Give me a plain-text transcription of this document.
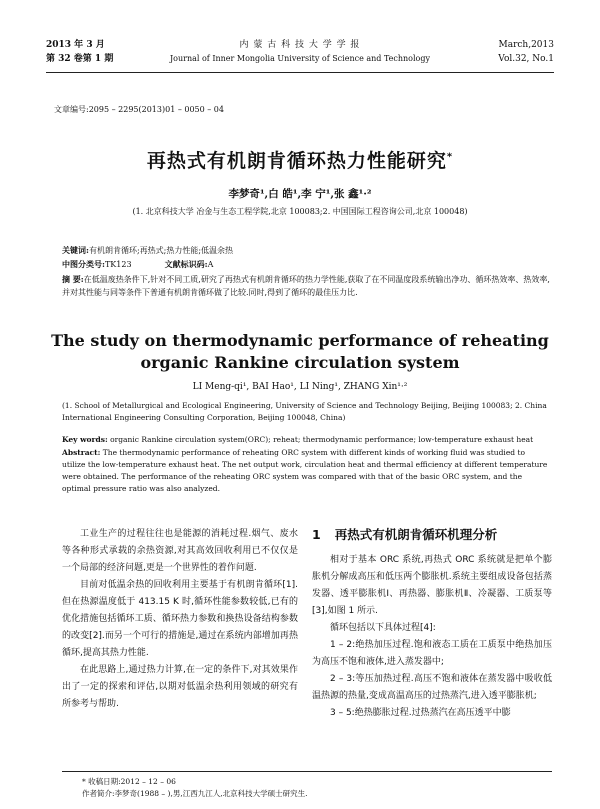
2013 年 3 月
第 32 卷第 1 期
内 蒙 古 科 技 大 学 学 报
Journal of Inner Mongolia University of Science and Technology
March,2013
Vol.32, No.1
文章编号:2095 – 2295(2013)01 – 0050 – 04
再热式有机朗肯循环热力性能研究*
李梦奇¹,白 皓¹,李 宁¹,张 鑫¹·²
(1. 北京科技大学 冶金与生态工程学院,北京 100083;2. 中国国际工程咨询公司,北京 100048)
关键词:有机朗肯循环;再热式;热力性能;低温余热
中图分类号:TK123	文献标识码:A
摘 要:在低温废热条件下,针对不同工质,研究了再热式有机朗肯循环的热力学性能,获取了在不同温度段系统输出净功、循环热效率、热效率,并对其性能与同等条件下普通有机朗肯循环做了比较.同时,得到了循环的最佳压力比.
The study on thermodynamic performance of reheating
organic Rankine circulation system
LI Meng-qi¹, BAI Hao¹, LI Ning¹, ZHANG Xin¹·²
(1. School of Metallurgical and Ecological Engineering, University of Science and Technology Beijing, Beijing 100083; 2. China International Engineering Consulting Corporation, Beijing 100048, China)
Key words: organic Rankine circulation system(ORC); reheat; thermodynamic performance; low-temperature exhaust heat
Abstract: The thermodynamic performance of reheating ORC system with different kinds of working fluid was studied to utilize the low-temperature exhaust heat. The net output work, circulation heat and thermal efficiency at different temperature were obtained. The performance of the reheating ORC system was compared with that of the basic ORC system, and the optimal pressure ratio was also analyzed.

工业生产的过程往往也是能源的消耗过程.烟气、废水等各种形式承载的余热资源,对其高效回收利用已不仅仅是一个局部的经济问题,更是一个世界性的着作问题.

目前对低温余热的回收利用主要基于有机朗肯循环[1].但在热源温度低于 413.15 K 时,循环性能参数较低,已有的优化措施包括循环工质、循环热力参数和换热设备结构参数的改变[2].而另一个可行的措施是,通过在系统内部增加再热循环,提高其热力性能.

在此思路上,通过热力计算,在一定的条件下,对其效果作出了一定的探索和评估,以期对低温余热利用领域的研究有所参考与帮助.

1 再热式有机朗肯循环机理分析

相对于基本 ORC 系统,再热式 ORC 系统就是把单个膨胀机分解成高压和低压两个膨胀机.系统主要组成设备包括蒸发器、透平膨胀机Ⅰ、再热器、膨胀机Ⅱ、冷凝器、工质泵等[3],如图 1 所示.

循环包括以下具体过程[4]:

1 – 2:绝热加压过程.饱和液态工质在工质泵中绝热加压为高压不饱和液体,进入蒸发器中;

2 – 3:等压加热过程.高压不饱和液体在蒸发器中吸收低温热源的热量,变成高温高压的过热蒸汽,进入透平膨胀机;

3 – 5:绝热膨胀过程.过热蒸汽在高压透平中膨

* 收稿日期:2012 – 12 – 06
作者简介:李梦奇(1988 – ),男,江西九江人,北京科技大学硕士研究生.
